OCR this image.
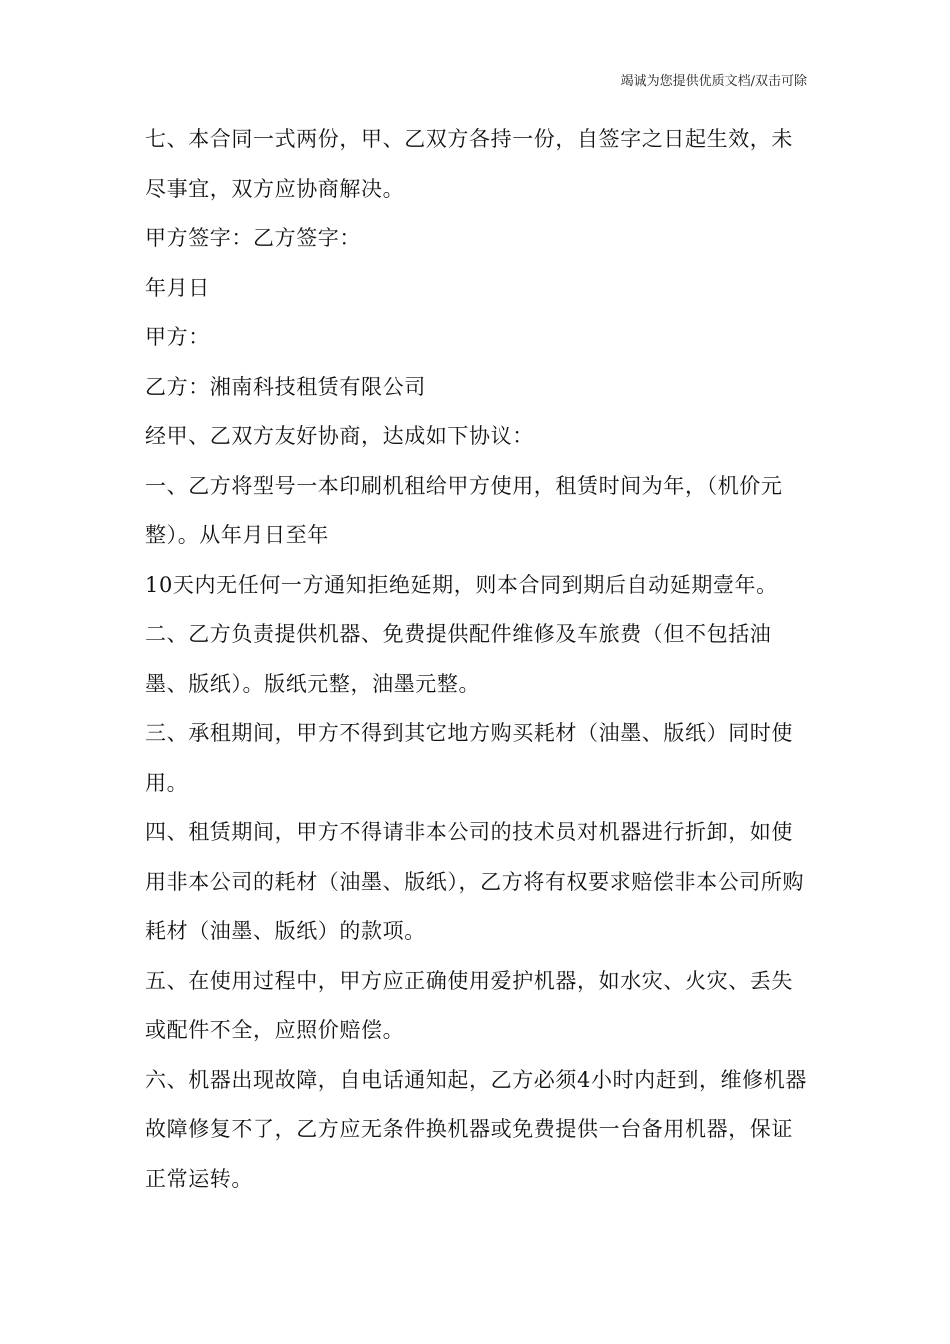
竭诚为您提供优质文档/双击可除

七、本合同一式两份，甲、乙双方各持一份，自签字之日起生效，未尽事宜，双方应协商解决。

甲方签字：乙方签字：

年月日

甲方：

乙方：湘南科技租赁有限公司

经甲、乙双方友好协商，达成如下协议：

一、乙方将型号一本印刷机租给甲方使用，租赁时间为年，（机价元整）。从年月日至年

10天内无任何一方通知拒绝延期，则本合同到期后自动延期壹年。

二、乙方负责提供机器、免费提供配件维修及车旅费（但不包括油墨、版纸）。版纸元整，油墨元整。

三、承租期间，甲方不得到其它地方购买耗材（油墨、版纸）同时使用。

四、租赁期间，甲方不得请非本公司的技术员对机器进行折卸，如使用非本公司的耗材（油墨、版纸），乙方将有权要求赔偿非本公司所购耗材（油墨、版纸）的款项。

五、在使用过程中，甲方应正确使用爱护机器，如水灾、火灾、丢失或配件不全，应照价赔偿。

六、机器出现故障，自电话通知起，乙方必须4小时内赶到，维修机器故障修复不了，乙方应无条件换机器或免费提供一台备用机器，保证正常运转。
